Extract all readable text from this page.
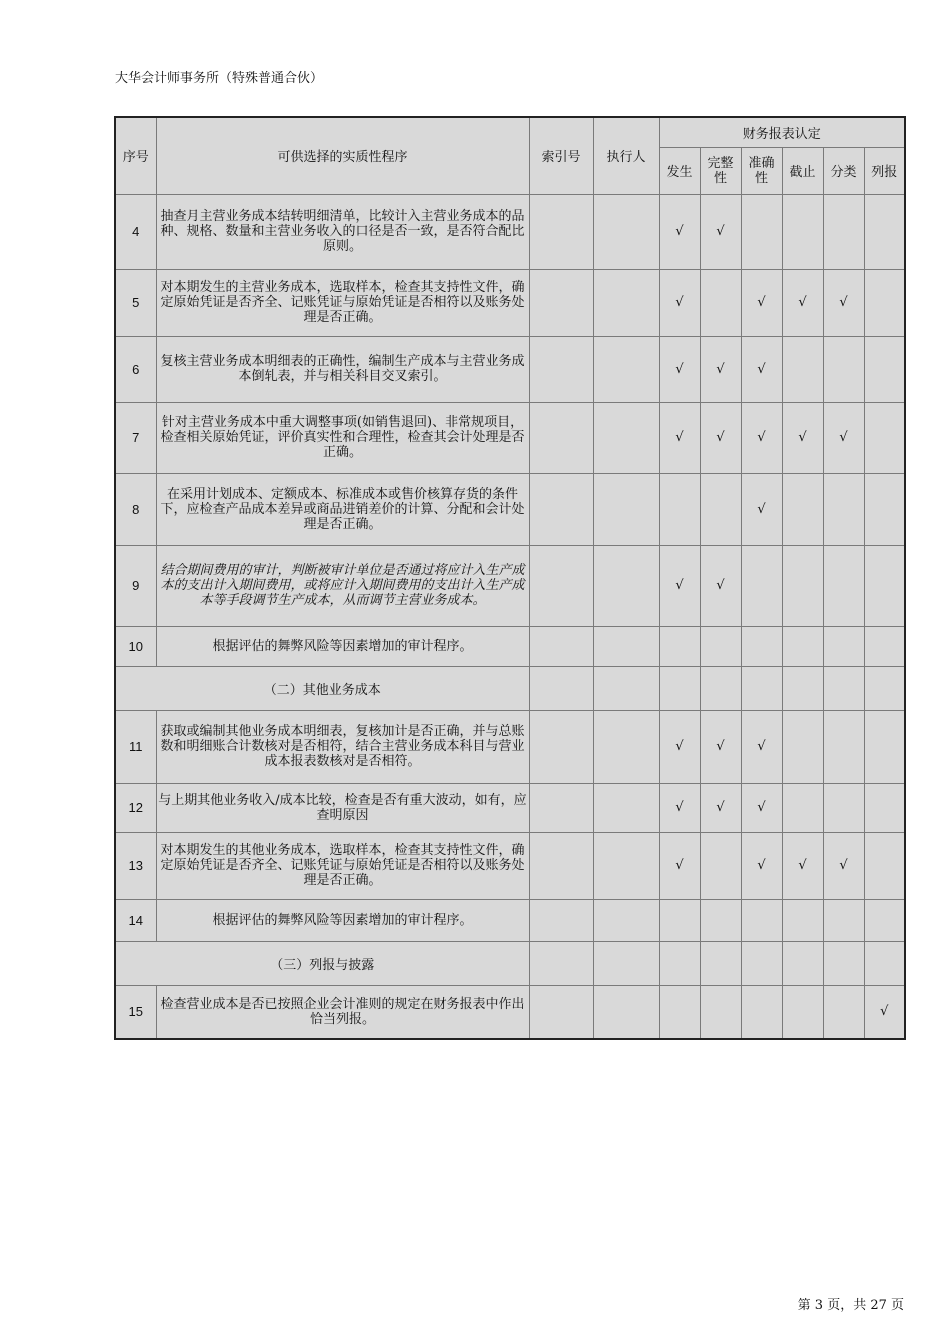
大华会计师事务所（特殊普通合伙）
序号	可供选择的实质性程序	索引号	执行人	财务报表认定					
				发生	完整性	准确性	截止	分类	列报
4	抽查月主营业务成本结转明细清单，比较计入主营业务成本的品种、规格、数量和主营业务收入的口径是否一致，是否符合配比原则。			√	√				
5	对本期发生的主营业务成本，选取样本，检查其支持性文件，确定原始凭证是否齐全、记账凭证与原始凭证是否相符以及账务处理是否正确。			√		√	√	√	
6	复核主营业务成本明细表的正确性，编制生产成本与主营业务成本倒轧表，并与相关科目交叉索引。			√	√	√			
7	针对主营业务成本中重大调整事项(如销售退回)、非常规项目，检查相关原始凭证，评价真实性和合理性，检查其会计处理是否正确。			√	√	√	√	√	
8	在采用计划成本、定额成本、标准成本或售价核算存货的条件下，应检查产品成本差异或商品进销差价的计算、分配和会计处理是否正确。					√			
9	结合期间费用的审计，判断被审计单位是否通过将应计入生产成本的支出计入期间费用，或将应计入期间费用的支出计入生产成本等手段调节生产成本，从而调节主营业务成本。			√	√				
10	根据评估的舞弊风险等因素增加的审计程序。								
（二）其他业务成本									
11	获取或编制其他业务成本明细表，复核加计是否正确，并与总账数和明细账合计数核对是否相符，结合主营业务成本科目与营业成本报表数核对是否相符。			√	√	√			
12	与上期其他业务收入/成本比较，检查是否有重大波动，如有，应查明原因			√	√	√			
13	对本期发生的其他业务成本，选取样本，检查其支持性文件，确定原始凭证是否齐全、记账凭证与原始凭证是否相符以及账务处理是否正确。			√		√	√	√	
14	根据评估的舞弊风险等因素增加的审计程序。								
（三）列报与披露									
15	检查营业成本是否已按照企业会计准则的规定在财务报表中作出恰当列报。								√
第 3 页，共 27 页
